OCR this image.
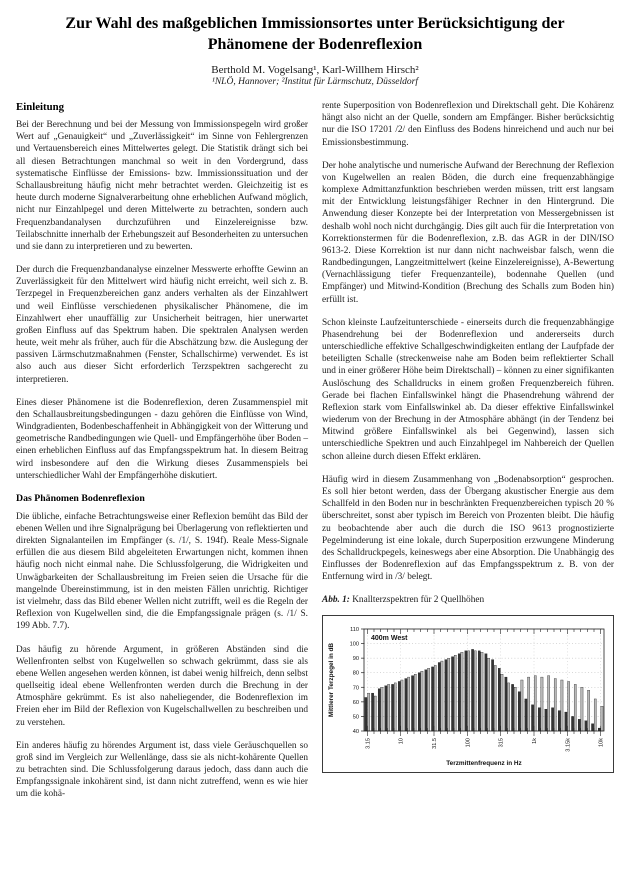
Zur Wahl des maßgeblichen Immissionsortes unter Berücksichtigung der Phänomene der Bodenreflexion
Berthold M. Vogelsang¹, Karl-Willhem Hirsch²
¹NLÖ, Hannover; ²Institut für Lärmschutz, Düsseldorf
Einleitung

Bei der Berechnung und bei der Messung von Immissionspegeln wird großer Wert auf „Genauigkeit“ und „Zuverlässigkeit“ im Sinne von Fehlergrenzen und Vertauensbereich eines Mittelwertes gelegt. Die Statistik drängt sich bei all diesen Betrachtungen manchmal so weit in den Vordergrund, dass systematische Einflüsse der Emissions- bzw. Immissionssituation und der Schallausbreitung häufig nicht mehr betrachtet werden. Gleichzeitig ist es heute durch moderne Signalverarbeitung ohne erheblichen Aufwand möglich, nicht nur Einzahlpegel und deren Mittelwerte zu betrachten, sondern auch Frequenzbandanalysen durchzuführen und Einzelereignisse bzw. Teilabschnitte innerhalb der Erhebungszeit auf Besonderheiten zu untersuchen und sie dann zu interpretieren und zu bewerten.

Der durch die Frequenzbandanalyse einzelner Messwerte erhoffte Gewinn an Zuverlässigkeit für den Mittelwert wird häufig nicht erreicht, weil sich z. B. Terzpegel in Frequenzbereichen ganz anders verhalten als der Einzahlwert und weil Einflüsse verschiedenen physikalischer Phänomene, die im Einzahlwert eher unauffällig zur Unsicherheit beitragen, hier unerwartet großen Einfluss auf das Spektrum haben. Die spektralen Analysen werden heute, weit mehr als früher, auch für die Abschätzung bzw. die Auslegung der passiven Lärmschutzmaßnahmen (Fenster, Schallschirme) verwendet. Es ist also auch aus dieser Sicht erforderlich Terzspektren sachgerecht zu interpretieren.

Eines dieser Phänomene ist die Bodenreflexion, deren Zusammenspiel mit den Schallausbreitungsbedingungen - dazu gehören die Einflüsse von Wind, Windgradienten, Bodenbeschaffenheit in Abhängigkeit von der Witterung und geometrische Randbedingungen wie Quell- und Empfängerhöhe über Boden – einen erheblichen Einfluss auf das Empfangsspektrum hat. In diesem Beitrag wird insbesondere auf den die Wirkung dieses Zusammenspiels bei unterschiedlicher Wahl der Empfängerhöhe diskutiert.

Das Phänomen Bodenreflexion

Die übliche, einfache Betrachtungsweise einer Reflexion bemüht das Bild der ebenen Wellen und ihre Signalprägung bei Überlagerung von reflektierten und direkten Signalanteilen im Empfänger (s. /1/, S. 194f). Reale Mess-Signale erfüllen die aus diesem Bild abgeleiteten Erwartungen nicht, kommen ihnen häufig noch nicht einmal nahe. Die Schlussfolgerung, die Widrigkeiten und Unwägbarkeiten der Schallausbreitung im Freien seien die Ursache für die mangelnde Übereinstimmung, ist in den meisten Fällen unrichtig. Richtiger ist vielmehr, dass das Bild ebener Wellen nicht zutrifft, weil es die Regeln der Reflexion von Kugelwellen sind, die die Empfangssignale prägen (s. /1/ S. 199 Abb. 7.7).

Das häufig zu hörende Argument, in größeren Abständen sind die Wellenfronten selbst von Kugelwellen so schwach gekrümmt, dass sie als ebene Wellen angesehen werden können, ist dabei wenig hilfreich, denn selbst quellseitig ideal ebene Wellenfronten werden durch die Brechung in der Atmosphäre gekrümmt. Es ist also naheliegender, die Bodenreflexion im Freien eher im Bild der Reflexion von Kugelschallwellen zu beschreiben und zu verstehen.

Ein anderes häufig zu hörendes Argument ist, dass viele Geräuschquellen so groß sind im Vergleich zur Wellenlänge, dass sie als nicht-kohärente Quellen zu betrachten sind. Die Schlussfolgerung daraus jedoch, dass dann auch die Empfangssignale inkohärent sind, ist dann nicht zutreffend, wenn es wie hier um die kohä-

rente Superposition von Bodenreflexion und Direktschall geht. Die Kohärenz hängt also nicht an der Quelle, sondern am Empfänger. Bisher berücksichtig nur die ISO 17201 /2/ den Einfluss des Bodens hinreichend und auch nur bei Emissionsbestimmung.

Der hohe analytische und numerische Aufwand der Berechnung der Reflexion von Kugelwellen an realen Böden, die durch eine frequenzabhängige komplexe Admittanzfunktion beschrieben werden müssen, tritt erst langsam mit der Entwicklung leistungsfähiger Rechner in den Hintergrund. Die Anwendung dieser Konzepte bei der Interpretation von Messergebnissen ist deshalb wohl noch nicht durchgängig. Dies gilt auch für die Interpretation von Korrektionstermen für die Bodenreflexion, z.B. das AGR in der DIN/ISO 9613-2. Diese Korrektion ist nur dann nicht nachweisbar falsch, wenn die Randbedingungen, Langzeitmittelwert (keine Einzelereignisse), A-Bewertung (Vernachlässigung tiefer Frequenzanteile), bodennahe Quellen (und Empfänger) und Mitwind-Kondition (Brechung des Schalls zum Boden hin) erfüllt ist.

Schon kleinste Laufzeitunterschiede - einerseits durch die frequenzabhängige Phasendrehung bei der Bodenreflexion und andererseits durch unterschiedliche effektive Schallgeschwindigkeiten entlang der Laufpfade der beteiligten Schalle (streckenweise nahe am Boden beim reflektierter Schall und in einer größerer Höhe beim Direktschall) – können zu einer signifikanten Auslöschung des Schalldrucks in einem großen Frequenzbereich führen. Gerade bei flachen Einfallswinkel hängt die Phasendrehung während der Reflexion stark vom Einfallswinkel ab. Da dieser effektive Einfallswinkel wiederum von der Brechung in der Atmosphäre abhängt (in der Tendenz bei Mitwind größere Einfallswinkel als bei Gegenwind), lassen sich unterschiedliche Spektren und auch Einzahlpegel im Nahbereich der Quellen schon alleine durch diesen Effekt erklären.

Häufig wird in diesem Zusammenhang von „Bodenabsorption“ gesprochen. Es soll hier betont werden, dass der Übergang akustischer Energie aus dem Schallfeld in den Boden nur in beschränkten Frequenzbereichen typisch 20 % überschreitet, sonst aber typisch im Bereich von Prozenten bleibt. Die häufig zu beobachtende aber auch die durch die ISO 9613 prognostizierte Pegelminderung ist eine lokale, durch Superposition erzwungene Minderung des Schalldruckpegels, keineswegs aber eine Absorption. Die Unabhängig des Einflusses der Bodenreflexion auf das Empfangsspektrum z. B. von der Entfernung wird in /3/ belegt.

Abb. 1: Knallterzspektren für 2 Quellhöhen
40
50
60
70
80
90
100
110
3.15	10	31.5	100	315	1k	3.15k	10k
400m West
Terzmittenfrequenz in Hz
Mittlerer Terzpegel in dB
